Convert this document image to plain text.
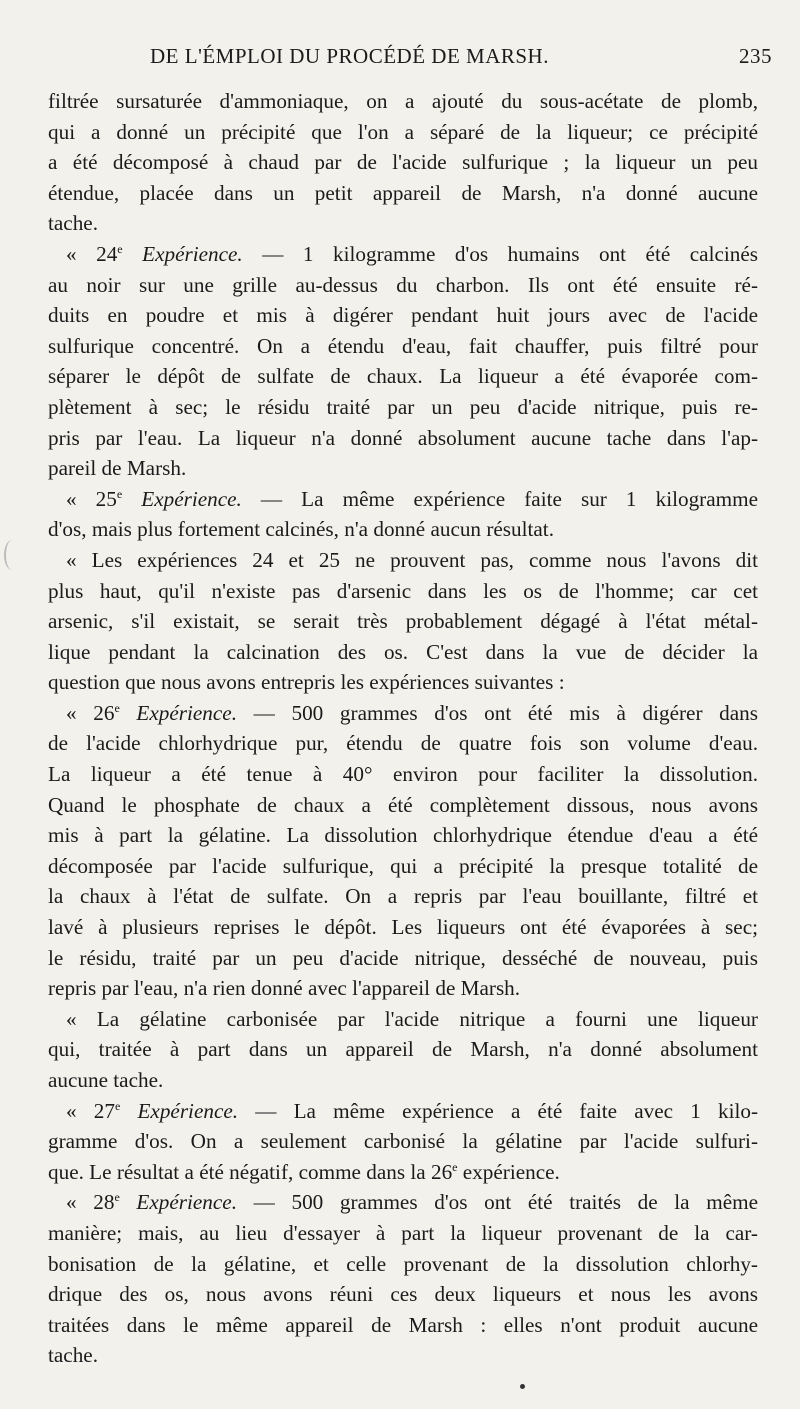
DE L'ÉMPLOI DU PROCÉDÉ DE MARSH.	235
filtrée sursaturée d'ammoniaque, on a ajouté du sous-acétate de plomb,
qui a donné un précipité que l'on a séparé de la liqueur; ce précipité
a été décomposé à chaud par de l'acide sulfurique ; la liqueur un peu
étendue, placée dans un petit appareil de Marsh, n'a donné aucune
tache.
« 24e Expérience. — 1 kilogramme d'os humains ont été calcinés
au noir sur une grille au-dessus du charbon. Ils ont été ensuite ré-
duits en poudre et mis à digérer pendant huit jours avec de l'acide
sulfurique concentré. On a étendu d'eau, fait chauffer, puis filtré pour
séparer le dépôt de sulfate de chaux. La liqueur a été évaporée com-
plètement à sec; le résidu traité par un peu d'acide nitrique, puis re-
pris par l'eau. La liqueur n'a donné absolument aucune tache dans l'ap-
pareil de Marsh.
« 25e Expérience. — La même expérience faite sur 1 kilogramme
d'os, mais plus fortement calcinés, n'a donné aucun résultat.
« Les expériences 24 et 25 ne prouvent pas, comme nous l'avons dit
plus haut, qu'il n'existe pas d'arsenic dans les os de l'homme; car cet
arsenic, s'il existait, se serait très probablement dégagé à l'état métal-
lique pendant la calcination des os. C'est dans la vue de décider la
question que nous avons entrepris les expériences suivantes :
« 26e Expérience. — 500 grammes d'os ont été mis à digérer dans
de l'acide chlorhydrique pur, étendu de quatre fois son volume d'eau.
La liqueur a été tenue à 40° environ pour faciliter la dissolution.
Quand le phosphate de chaux a été complètement dissous, nous avons
mis à part la gélatine. La dissolution chlorhydrique étendue d'eau a été
décomposée par l'acide sulfurique, qui a précipité la presque totalité de
la chaux à l'état de sulfate. On a repris par l'eau bouillante, filtré et
lavé à plusieurs reprises le dépôt. Les liqueurs ont été évaporées à sec;
le résidu, traité par un peu d'acide nitrique, desséché de nouveau, puis
repris par l'eau, n'a rien donné avec l'appareil de Marsh.
« La gélatine carbonisée par l'acide nitrique a fourni une liqueur
qui, traitée à part dans un appareil de Marsh, n'a donné absolument
aucune tache.
« 27e Expérience. — La même expérience a été faite avec 1 kilo-
gramme d'os. On a seulement carbonisé la gélatine par l'acide sulfuri-
que. Le résultat a été négatif, comme dans la 26e expérience.
« 28e Expérience. — 500 grammes d'os ont été traités de la même
manière; mais, au lieu d'essayer à part la liqueur provenant de la car-
bonisation de la gélatine, et celle provenant de la dissolution chlorhy-
drique des os, nous avons réuni ces deux liqueurs et nous les avons
traitées dans le même appareil de Marsh : elles n'ont produit aucune
tache.
